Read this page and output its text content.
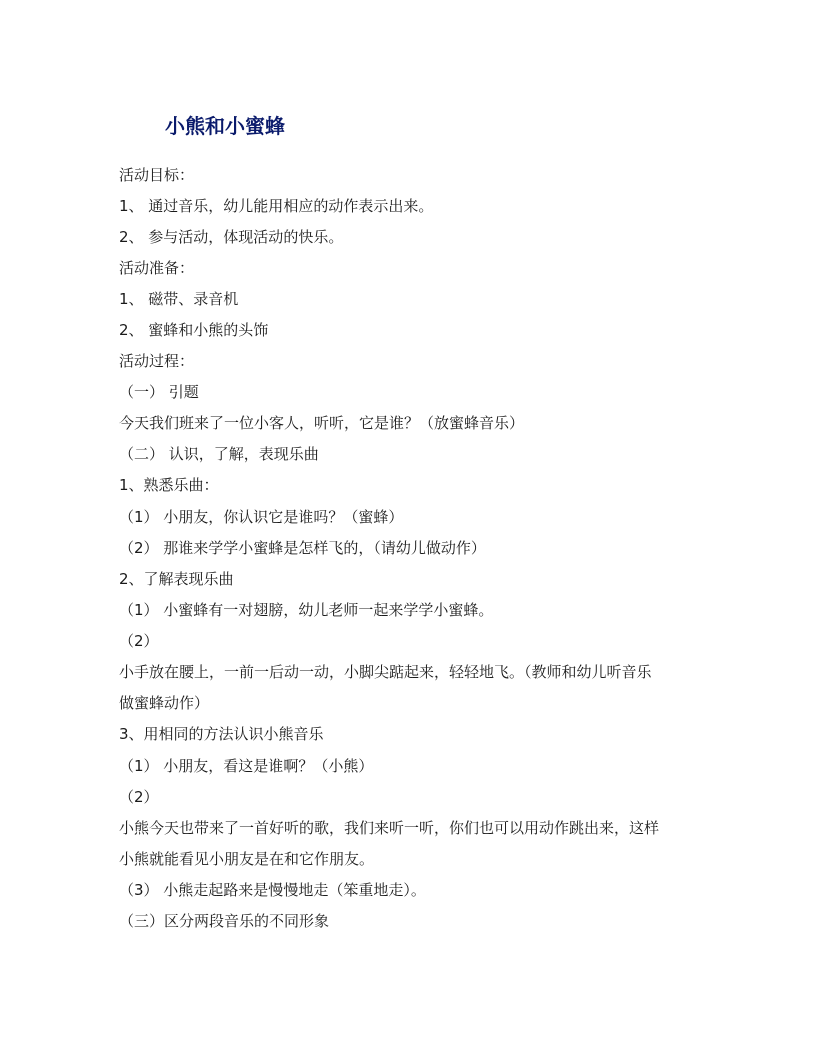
小熊和小蜜蜂
活动目标：
1、 通过音乐，幼儿能用相应的动作表示出来。
2、 参与活动，体现活动的快乐。
活动准备：
1、 磁带、录音机
2、 蜜蜂和小熊的头饰
活动过程：
（一） 引题
今天我们班来了一位小客人，听听，它是谁？（放蜜蜂音乐）
（二） 认识，了解，表现乐曲
1、熟悉乐曲：
（1） 小朋友，你认识它是谁吗？（蜜蜂）
（2） 那谁来学学小蜜蜂是怎样飞的，（请幼儿做动作）
2、了解表现乐曲
（1） 小蜜蜂有一对翅膀，幼儿老师一起来学学小蜜蜂。
（2）
小手放在腰上，一前一后动一动，小脚尖踮起来，轻轻地飞。（教师和幼儿听音乐
做蜜蜂动作）
3、用相同的方法认识小熊音乐
（1） 小朋友，看这是谁啊？（小熊）
（2）
小熊今天也带来了一首好听的歌，我们来听一听，你们也可以用动作跳出来，这样
小熊就能看见小朋友是在和它作朋友。
（3） 小熊走起路来是慢慢地走（笨重地走）。
（三）区分两段音乐的不同形象
